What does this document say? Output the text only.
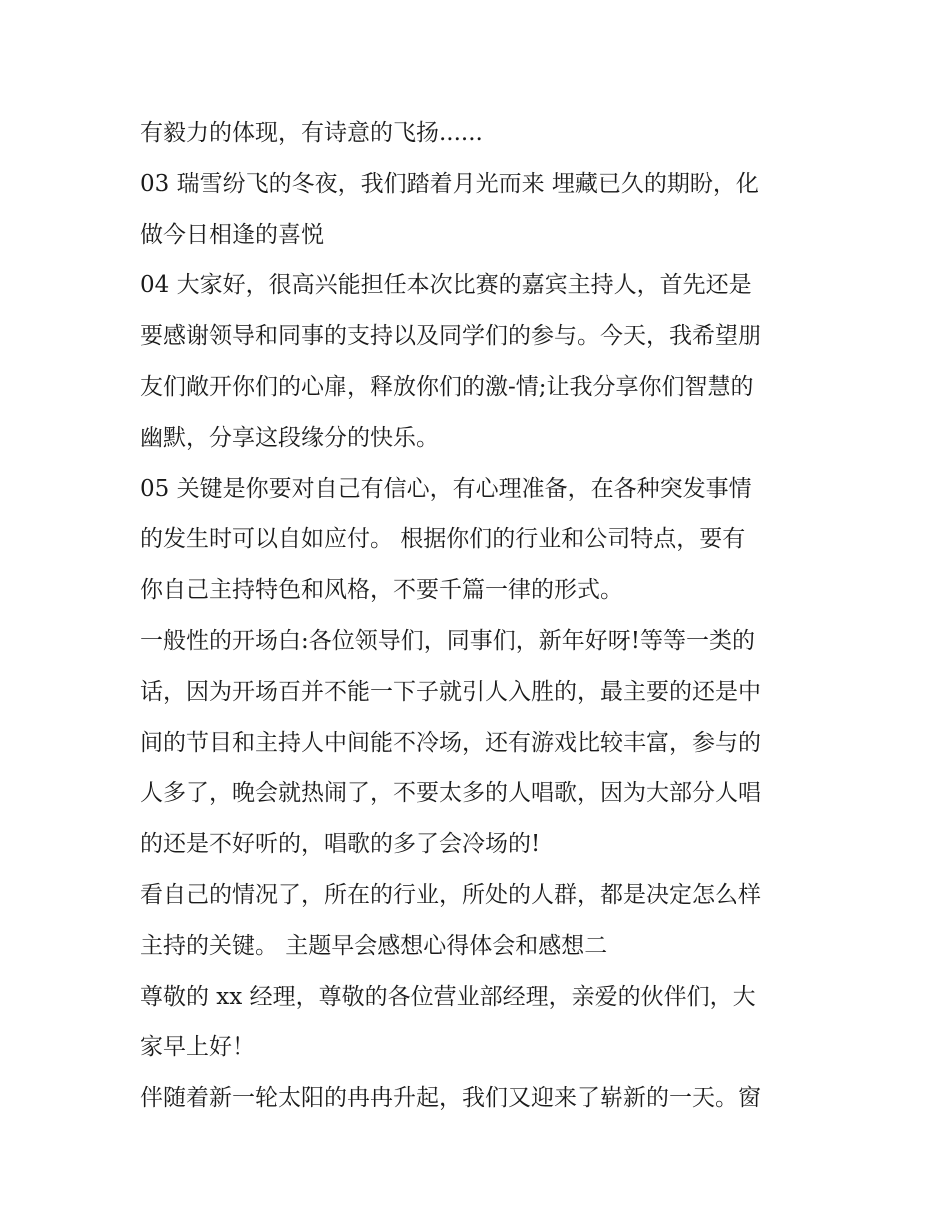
有毅力的体现，有诗意的飞扬......
03 瑞雪纷飞的冬夜，我们踏着月光而来 埋藏已久的期盼，化
做今日相逢的喜悦
04 大家好，很高兴能担任本次比赛的嘉宾主持人，首先还是
要感谢领导和同事的支持以及同学们的参与。今天，我希望朋
友们敞开你们的心扉，释放你们的激-情;让我分享你们智慧的
幽默，分享这段缘分的快乐。
05 关键是你要对自己有信心，有心理准备，在各种突发事情
的发生时可以自如应付。 根据你们的行业和公司特点，要有
你自己主持特色和风格，不要千篇一律的形式。
一般性的开场白:各位领导们，同事们，新年好呀!等等一类的
话，因为开场百并不能一下子就引人入胜的，最主要的还是中
间的节目和主持人中间能不冷场，还有游戏比较丰富，参与的
人多了，晚会就热闹了，不要太多的人唱歌，因为大部分人唱
的还是不好听的，唱歌的多了会冷场的!
看自己的情况了，所在的行业，所处的人群，都是决定怎么样
主持的关键。 主题早会感想心得体会和感想二
尊敬的 xx 经理，尊敬的各位营业部经理，亲爱的伙伴们，大
家早上好！
伴随着新一轮太阳的冉冉升起，我们又迎来了崭新的一天。窗
